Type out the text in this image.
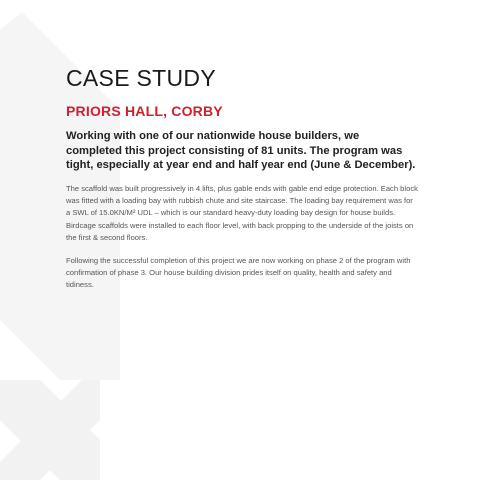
CASE STUDY
PRIORS HALL, CORBY

Working with one of our nationwide house builders, we completed this project consisting of 81 units. The program was tight, especially at year end and half year end (June & December).

The scaffold was built progressively in 4 lifts, plus gable ends with gable end edge protection. Each block was fitted with a loading bay with rubbish chute and site staircase. The loading bay requirement was for a SWL of 15.0KN/M² UDL – which is our standard heavy-duty loading bay design for house builds. Birdcage scaffolds were installed to each floor level, with back propping to the underside of the joists on the first & second floors.

Following the successful completion of this project we are now working on phase 2 of the program with confirmation of phase 3. Our house building division prides itself on quality, health and safety and tidiness.
